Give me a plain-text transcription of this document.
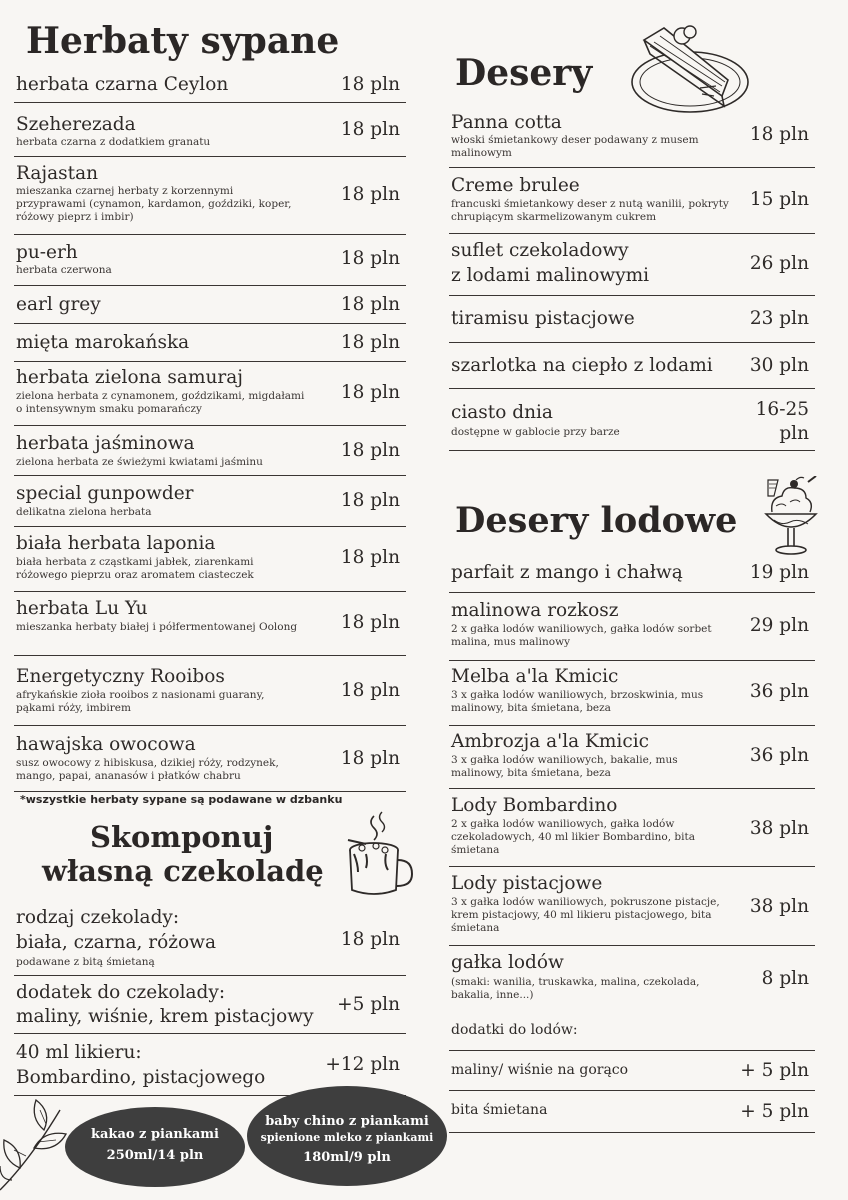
Herbaty sypane
herbata czarna Ceylon	18 pln
Szeherezada
herbata czarna z dodatkiem granatu
18 pln
Rajastan
mieszanka czarnej herbaty z korzennymi przyprawami (cynamon, kardamon, goździki, koper, różowy pieprz i imbir)
18 pln
pu-erh
herbata czerwona
18 pln
earl grey	18 pln
mięta marokańska	18 pln
herbata zielona samuraj
zielona herbata z cynamonem, goździkami, migdałami o intensywnym smaku pomarańczy
18 pln
herbata jaśminowa
zielona herbata ze świeżymi kwiatami jaśminu
18 pln
special gunpowder
delikatna zielona herbata
18 pln
biała herbata laponia
biała herbata z cząstkami jabłek, ziarenkami różowego pieprzu oraz aromatem ciasteczek
18 pln
herbata Lu Yu
mieszanka herbaty białej i półfermentowanej Oolong	18 pln
Energetyczny Rooibos
afrykańskie zioła rooibos z nasionami guarany, pąkami róży, imbirem
18 pln
hawajska owocowa
susz owocowy z hibiskusa, dzikiej róży, rodzynek, mango, papai, ananasów i płatków chabru
18 pln
*wszystkie herbaty sypane są podawane w dzbanku
Skomponuj
własną czekoladę
rodzaj czekolady:
biała, czarna, różowa
podawane z bitą śmietaną
18 pln
dodatek do czekolady:
maliny, wiśnie, krem pistacjowy
+5 pln
40 ml likieru:
Bombardino, pistacjowego
+12 pln
kakao z piankami
250ml/14 pln
baby chino z piankami
spienione mleko z piankami
180ml/9 pln
Desery
Panna cotta
włoski śmietankowy deser podawany z musem malinowym
18 pln
Creme brulee
francuski śmietankowy deser z nutą wanilii, pokryty chrupiącym skarmelizowanym cukrem
15 pln
suflet czekoladowy
z lodami malinowymi
26 pln
tiramisu pistacjowe	23 pln
szarlotka na ciepło z lodami 30 pln
ciasto dnia
dostępne w gablocie przy barze
16-25
pln
Desery lodowe
parfait z mango i chałwą	19 pln
malinowa rozkosz
2 x gałka lodów waniliowych, gałka lodów sorbet malina, mus malinowy
29 pln
Melba a'la Kmicic
3 x gałka lodów waniliowych, brzoskwinia, mus malinowy, bita śmietana, beza
36 pln
Ambrozja a'la Kmicic
3 x gałka lodów waniliowych, bakalie, mus malinowy, bita śmietana, beza
36 pln
Lody Bombardino
2 x gałka lodów waniliowych, gałka lodów czekoladowych, 40 ml likier Bombardino, bita śmietana
38 pln
Lody pistacjowe
3 x gałka lodów waniliowych, pokruszone pistacje, krem pistacjowy, 40 ml likieru pistacjowego, bita śmietana
38 pln
gałka lodów
(smaki: wanilia, truskawka, malina, czekolada, bakalia, inne...)
8 pln
dodatki do lodów:
maliny/ wiśnie na gorąco	+ 5 pln
bita śmietana	+ 5 pln
